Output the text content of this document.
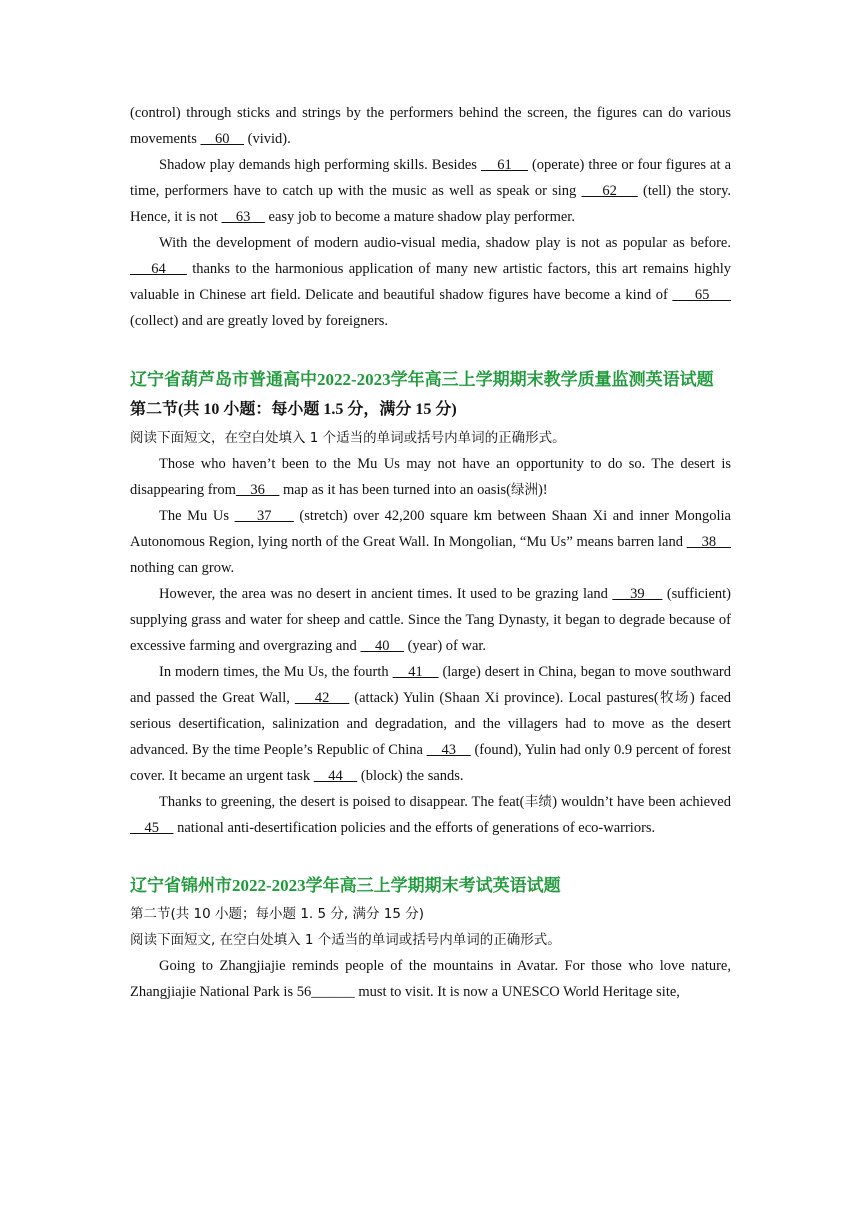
(control) through sticks and strings by the performers behind the screen, the figures can do various movements     60     (vivid).

Shadow play demands high performing skills. Besides     61     (operate) three or four figures at a time, performers have to catch up with the music as well as speak or sing     62     (tell) the story. Hence, it is not     63     easy job to become a mature shadow play performer.

With the development of modern audio-visual media, shadow play is not as popular as before.     64     thanks to the harmonious application of many new artistic factors, this art remains highly valuable in Chinese art field. Delicate and beautiful shadow figures have become a kind of      65      (collect) and are greatly loved by foreigners.

辽宁省葫芦岛市普通高中2022-2023学年高三上学期期末教学质量监测英语试题

第二节(共 10 小题：每小题 1.5 分，满分 15 分)

阅读下面短文，在空白处填入 1 个适当的单词或括号内单词的正确形式。

Those who haven’t been to the Mu Us may not have an opportunity to do so. The desert is disappearing from    36     map as it has been turned into an oasis(绿洲)!

The Mu Us     37     (stretch) over 42,200 square km between Shaan Xi and inner Mongolia Autonomous Region, lying north of the Great Wall. In Mongolian, “Mu Us” means barren land     38     nothing can grow.

However, the area was no desert in ancient times. It used to be grazing land     39     (sufficient) supplying grass and water for sheep and cattle. Since the Tang Dynasty, it began to degrade because of excessive farming and overgrazing and     40     (year) of war.

In modern times, the Mu Us, the fourth     41     (large) desert in China, began to move southward and passed the Great Wall,     42     (attack) Yulin (Shaan Xi province). Local pastures(牧场) faced serious desertification, salinization and degradation, and the villagers had to move as the desert advanced. By the time People’s Republic of China     43     (found), Yulin had only 0.9 percent of forest cover. It became an urgent task     44     (block) the sands.

Thanks to greening, the desert is poised to disappear. The feat(丰绩) wouldn’t have been achieved     45     national anti-desertification policies and the efforts of generations of eco-warriors.

辽宁省锦州市2022-2023学年高三上学期期末考试英语试题

第二节(共 10 小题；每小题 1. 5 分, 满分 15 分)

阅读下面短文, 在空白处填入 1 个适当的单词或括号内单词的正确形式。

Going to Zhangjiajie reminds people of the mountains in Avatar. For those who love nature, Zhangjiajie National Park is 56______ must to visit. It is now a UNESCO World Heritage site,
